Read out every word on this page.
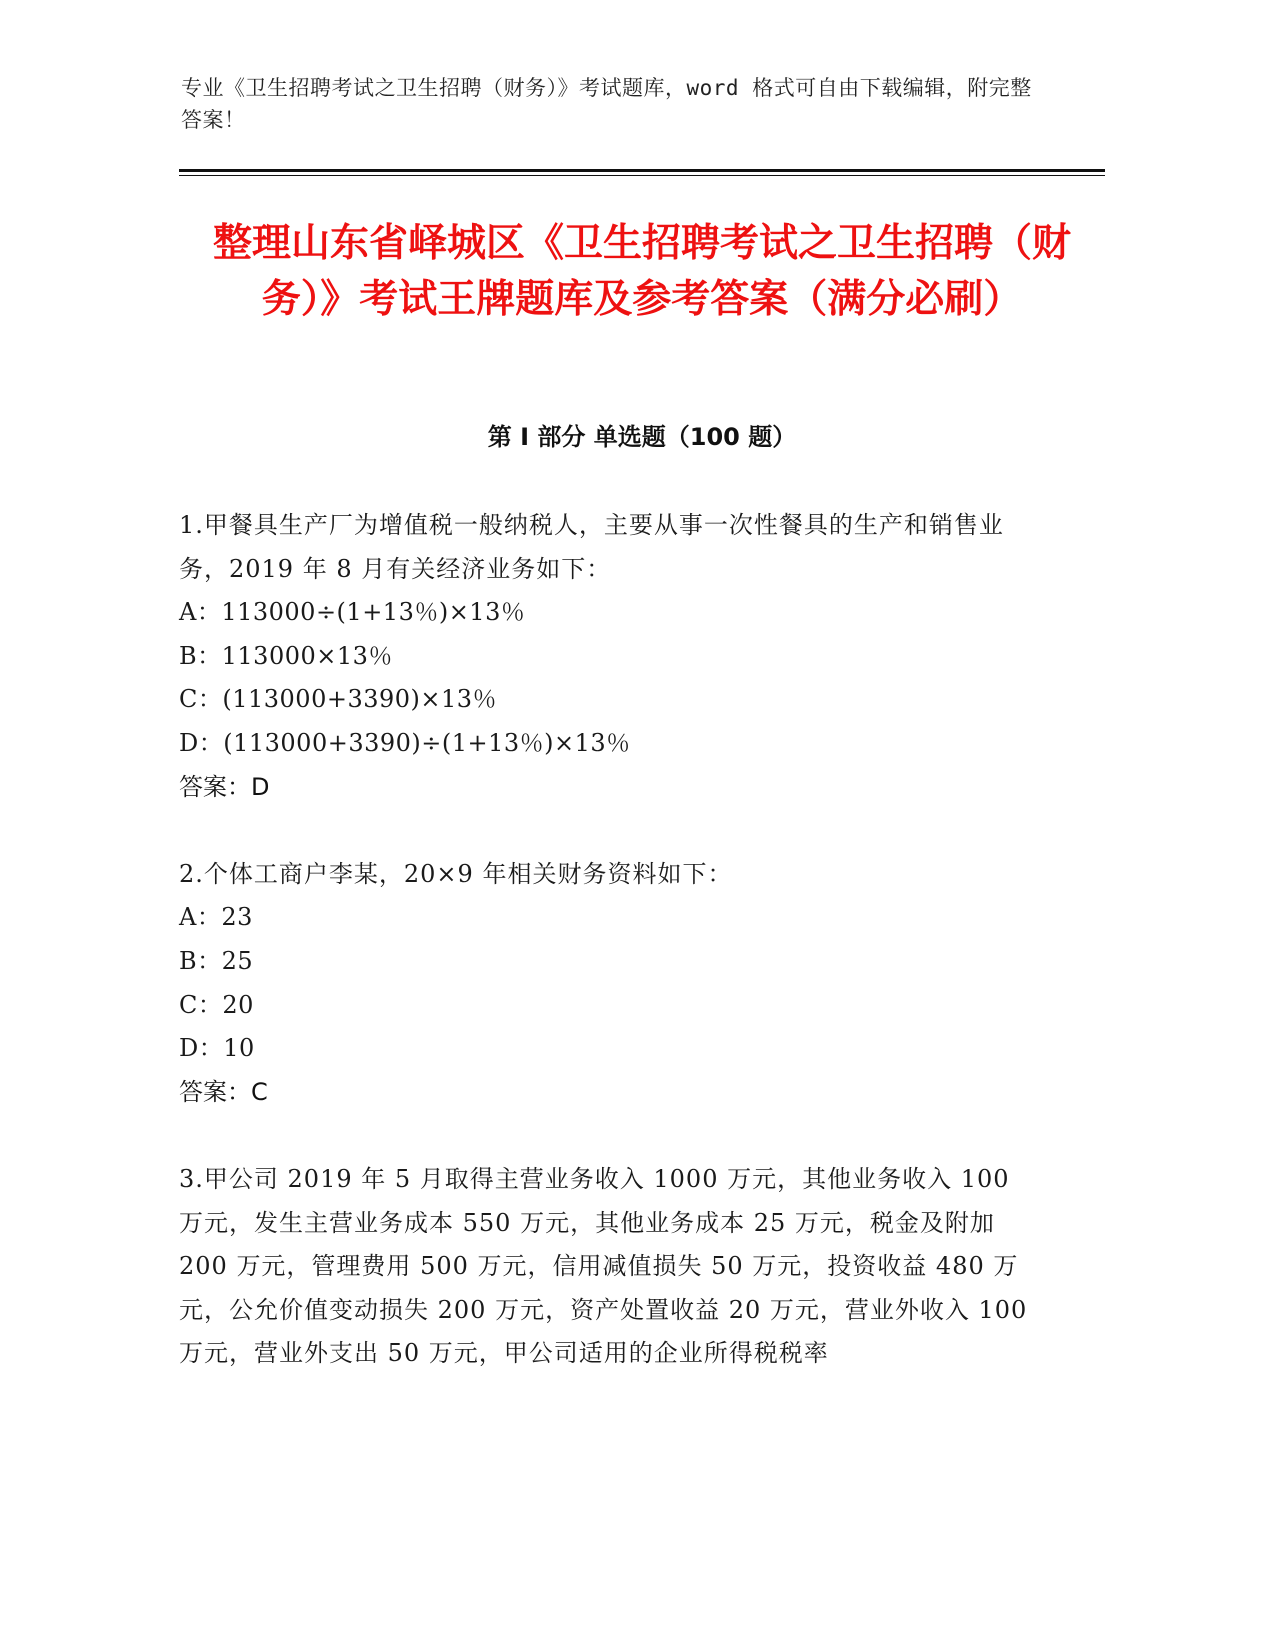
专业《卫生招聘考试之卫生招聘（财务）》考试题库，word 格式可自由下载编辑，附完整答案！
整理山东省峄城区《卫生招聘考试之卫生招聘（财务）》考试王牌题库及参考答案（满分必刷）
第 I 部分 单选题（100 题）
1.甲餐具生产厂为增值税一般纳税人，主要从事一次性餐具的生产和销售业务，2019 年 8 月有关经济业务如下：
A：113000÷(1+13％)×13％
B：113000×13％
C：(113000+3390)×13％
D：(113000+3390)÷(1+13％)×13％
答案：D
2.个体工商户李某，20×9 年相关财务资料如下：
A：23
B：25
C：20
D：10
答案：C
3.甲公司 2019 年 5 月取得主营业务收入 1000 万元，其他业务收入 100 万元，发生主营业务成本 550 万元，其他业务成本 25 万元，税金及附加 200 万元，管理费用 500 万元，信用减值损失 50 万元，投资收益 480 万元，公允价值变动损失 200 万元，资产处置收益 20 万元，营业外收入 100 万元，营业外支出 50 万元，甲公司适用的企业所得税税率
